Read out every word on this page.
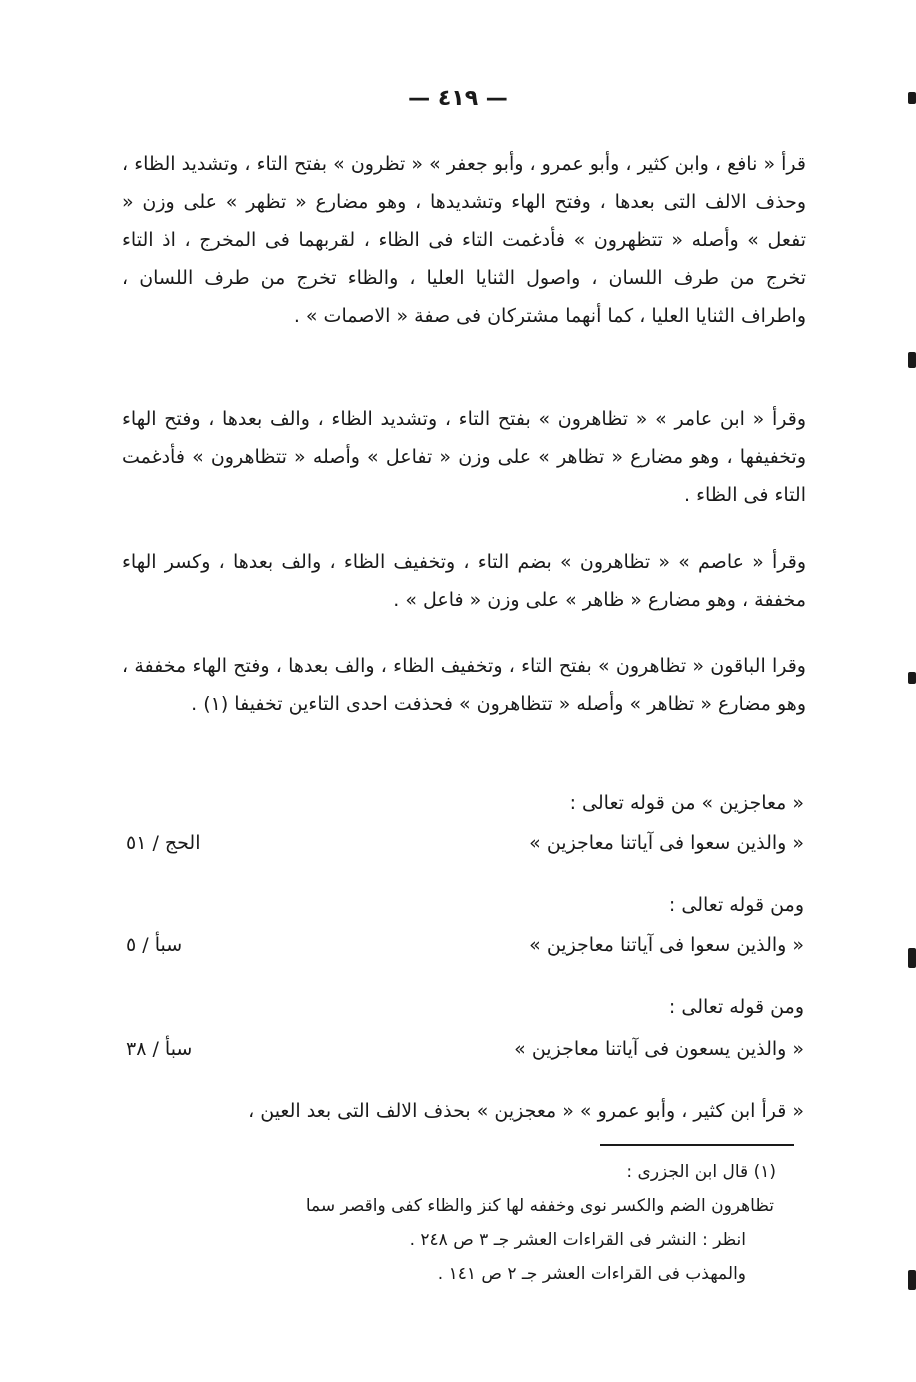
— ٤١٩ —

قرأ « نافع ، وابن كثير ، وأبو عمرو ، وأبو جعفر » « تظرون » بفتح التاء ، وتشديد الظاء ، وحذف الالف التى بعدها ، وفتح الهاء وتشديدها ، وهو مضارع « تظهر » على وزن « تفعل » وأصله « تتظهرون » فأدغمت التاء فى الظاء ، لقربهما فى المخرج ، اذ التاء تخرج من طرف اللسان ، واصول الثنايا العليا ، والظاء تخرج من طرف اللسان ، واطراف الثنايا العليا ، كما أنهما مشتركان فى صفة « الاصمات » .

وقرأ « ابن عامر » « تظاهرون » بفتح التاء ، وتشديد الظاء ، والف بعدها ، وفتح الهاء وتخفيفها ، وهو مضارع « تظاهر » على وزن « تفاعل » وأصله « تتظاهرون » فأدغمت التاء فى الظاء .

وقرأ « عاصم » « تظاهرون » بضم التاء ، وتخفيف الظاء ، والف بعدها ، وكسر الهاء مخففة ، وهو مضارع « ظاهر » على وزن « فاعل » .

وقرا الباقون « تظاهرون » بفتح التاء ، وتخفيف الظاء ، والف بعدها ، وفتح الهاء مخففة ، وهو مضارع « تظاهر » وأصله « تتظاهرون » فحذفت احدى التاءين تخفيفا (١) .

« معاجزين » من قوله تعالى :
« والذين سعوا فى آياتنا معاجزين »
الحج / ٥١
ومن قوله تعالى :
« والذين سعوا فى آياتنا معاجزين »
سبأ / ٥
ومن قوله تعالى :
« والذين يسعون فى آياتنا معاجزين »
سبأ / ٣٨
« قرأ ابن كثير ، وأبو عمرو » « معجزين » بحذف الالف التى بعد العين ،
(١) قال ابن الجزرى :
تظاهرون الضم والكسر نوى وخففه لها كنز والظاء كفى واقصر سما
انظر : النشر فى القراءات العشر جـ ٣ ص ٢٤٨ .
والمهذب فى القراءات العشر جـ ٢ ص ١٤١ .
